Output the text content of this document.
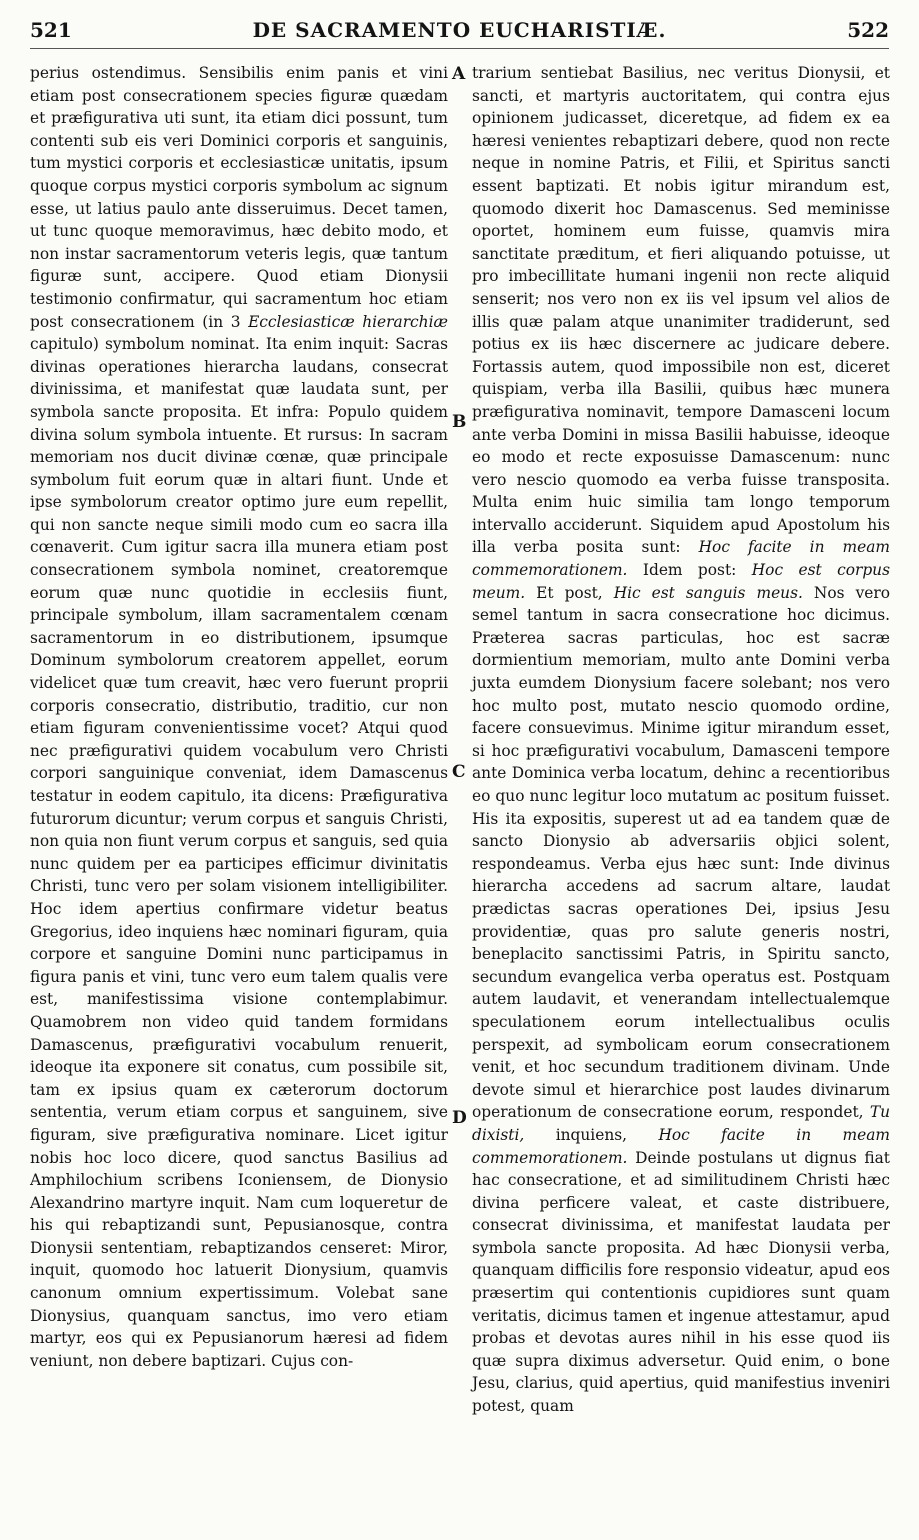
521	DE SACRAMENTO EUCHARISTIÆ.	522

perius ostendimus. Sensibilis enim panis et vini etiam post consecrationem species figuræ quædam et præfigurativa uti sunt, ita etiam dici possunt, tum contenti sub eis veri Dominici corporis et sanguinis, tum mystici corporis et ecclesiasticæ unitatis, ipsum quoque corpus mystici corporis symbolum ac signum esse, ut latius paulo ante disseruimus. Decet tamen, ut tunc quoque memoravimus, hæc debito modo, et non instar sacramentorum veteris legis, quæ tantum figuræ sunt, accipere. Quod etiam Dionysii testimonio confirmatur, qui sacramentum hoc etiam post consecrationem (in 3 Ecclesiasticæ hierarchiæ capitulo) symbolum nominat. Ita enim inquit: Sacras divinas operationes hierarcha laudans, consecrat divinissima, et manifestat quæ laudata sunt, per symbola sancte proposita. Et infra: Populo quidem divina solum symbola intuente. Et rursus: In sacram memoriam nos ducit divinæ cœnæ, quæ principale symbolum fuit eorum quæ in altari fiunt. Unde et ipse symbolorum creator optimo jure eum repellit, qui non sancte neque simili modo cum eo sacra illa cœnaverit. Cum igitur sacra illa munera etiam post consecrationem symbola nominet, creatoremque eorum quæ nunc quotidie in ecclesiis fiunt, principale symbolum, illam sacramentalem cœnam sacramentorum in eo distributionem, ipsumque Dominum symbolorum creatorem appellet, eorum videlicet quæ tum creavit, hæc vero fuerunt proprii corporis consecratio, distributio, traditio, cur non etiam figuram convenientissime vocet? Atqui quod nec præfigurativi quidem vocabulum vero Christi corpori sanguinique conveniat, idem Damascenus testatur in eodem capitulo, ita dicens: Præfigurativa futurorum dicuntur; verum corpus et sanguis Christi, non quia non fiunt verum corpus et sanguis, sed quia nunc quidem per ea participes efficimur divinitatis Christi, tunc vero per solam visionem intelligibiliter. Hoc idem apertius confirmare videtur beatus Gregorius, ideo inquiens hæc nominari figuram, quia corpore et sanguine Domini nunc participamus in figura panis et vini, tunc vero eum talem qualis vere est, manifestissima visione contemplabimur. Quamobrem non video quid tandem formidans Damascenus, præfigurativi vocabulum renuerit, ideoque ita exponere sit conatus, cum possibile sit, tam ex ipsius quam ex cæterorum doctorum sententia, verum etiam corpus et sanguinem, sive figuram, sive præfigurativa nominare. Licet igitur nobis hoc loco dicere, quod sanctus Basilius ad Amphilochium scribens Iconiensem, de Dionysio Alexandrino martyre inquit. Nam cum loqueretur de his qui rebaptizandi sunt, Pepusianosque, contra Dionysii sententiam, rebaptizandos censeret: Miror, inquit, quomodo hoc latuerit Dionysium, quamvis canonum omnium expertissimum. Volebat sane Dionysius, quanquam sanctus, imo vero etiam martyr, eos qui ex Pepusianorum hæresi ad fidem veniunt, non debere baptizari. Cujus con-

A
B
C
D

trarium sentiebat Basilius, nec veritus Dionysii, et sancti, et martyris auctoritatem, qui contra ejus opinionem judicasset, diceretque, ad fidem ex ea hæresi venientes rebaptizari debere, quod non recte neque in nomine Patris, et Filii, et Spiritus sancti essent baptizati. Et nobis igitur mirandum est, quomodo dixerit hoc Damascenus. Sed meminisse oportet, hominem eum fuisse, quamvis mira sanctitate præditum, et fieri aliquando potuisse, ut pro imbecillitate humani ingenii non recte aliquid senserit; nos vero non ex iis vel ipsum vel alios de illis quæ palam atque unanimiter tradiderunt, sed potius ex iis hæc discernere ac judicare debere. Fortassis autem, quod impossibile non est, diceret quispiam, verba illa Basilii, quibus hæc munera præfigurativa nominavit, tempore Damasceni locum ante verba Domini in missa Basilii habuisse, ideoque eo modo et recte exposuisse Damascenum: nunc vero nescio quomodo ea verba fuisse transposita. Multa enim huic similia tam longo temporum intervallo acciderunt. Siquidem apud Apostolum his illa verba posita sunt: Hoc facite in meam commemorationem. Idem post: Hoc est corpus meum. Et post, Hic est sanguis meus. Nos vero semel tantum in sacra consecratione hoc dicimus. Præterea sacras particulas, hoc est sacræ dormientium memoriam, multo ante Domini verba juxta eumdem Dionysium facere solebant; nos vero hoc multo post, mutato nescio quomodo ordine, facere consuevimus. Minime igitur mirandum esset, si hoc præfigurativi vocabulum, Damasceni tempore ante Dominica verba locatum, dehinc a recentioribus eo quo nunc legitur loco mutatum ac positum fuisset. His ita expositis, superest ut ad ea tandem quæ de sancto Dionysio ab adversariis objici solent, respondeamus. Verba ejus hæc sunt: Inde divinus hierarcha accedens ad sacrum altare, laudat prædictas sacras operationes Dei, ipsius Jesu providentiæ, quas pro salute generis nostri, beneplacito sanctissimi Patris, in Spiritu sancto, secundum evangelica verba operatus est. Postquam autem laudavit, et venerandam intellectualemque speculationem eorum intellectualibus oculis perspexit, ad symbolicam eorum consecrationem venit, et hoc secundum traditionem divinam. Unde devote simul et hierarchice post laudes divinarum operationum de consecratione eorum, respondet, Tu dixisti, inquiens, Hoc facite in meam commemorationem. Deinde postulans ut dignus fiat hac consecratione, et ad similitudinem Christi hæc divina perficere valeat, et caste distribuere, consecrat divinissima, et manifestat laudata per symbola sancte proposita. Ad hæc Dionysii verba, quanquam difficilis fore responsio videatur, apud eos præsertim qui contentionis cupidiores sunt quam veritatis, dicimus tamen et ingenue attestamur, apud probas et devotas aures nihil in his esse quod iis quæ supra diximus adversetur. Quid enim, o bone Jesu, clarius, quid apertius, quid manifestius inveniri potest, quam
